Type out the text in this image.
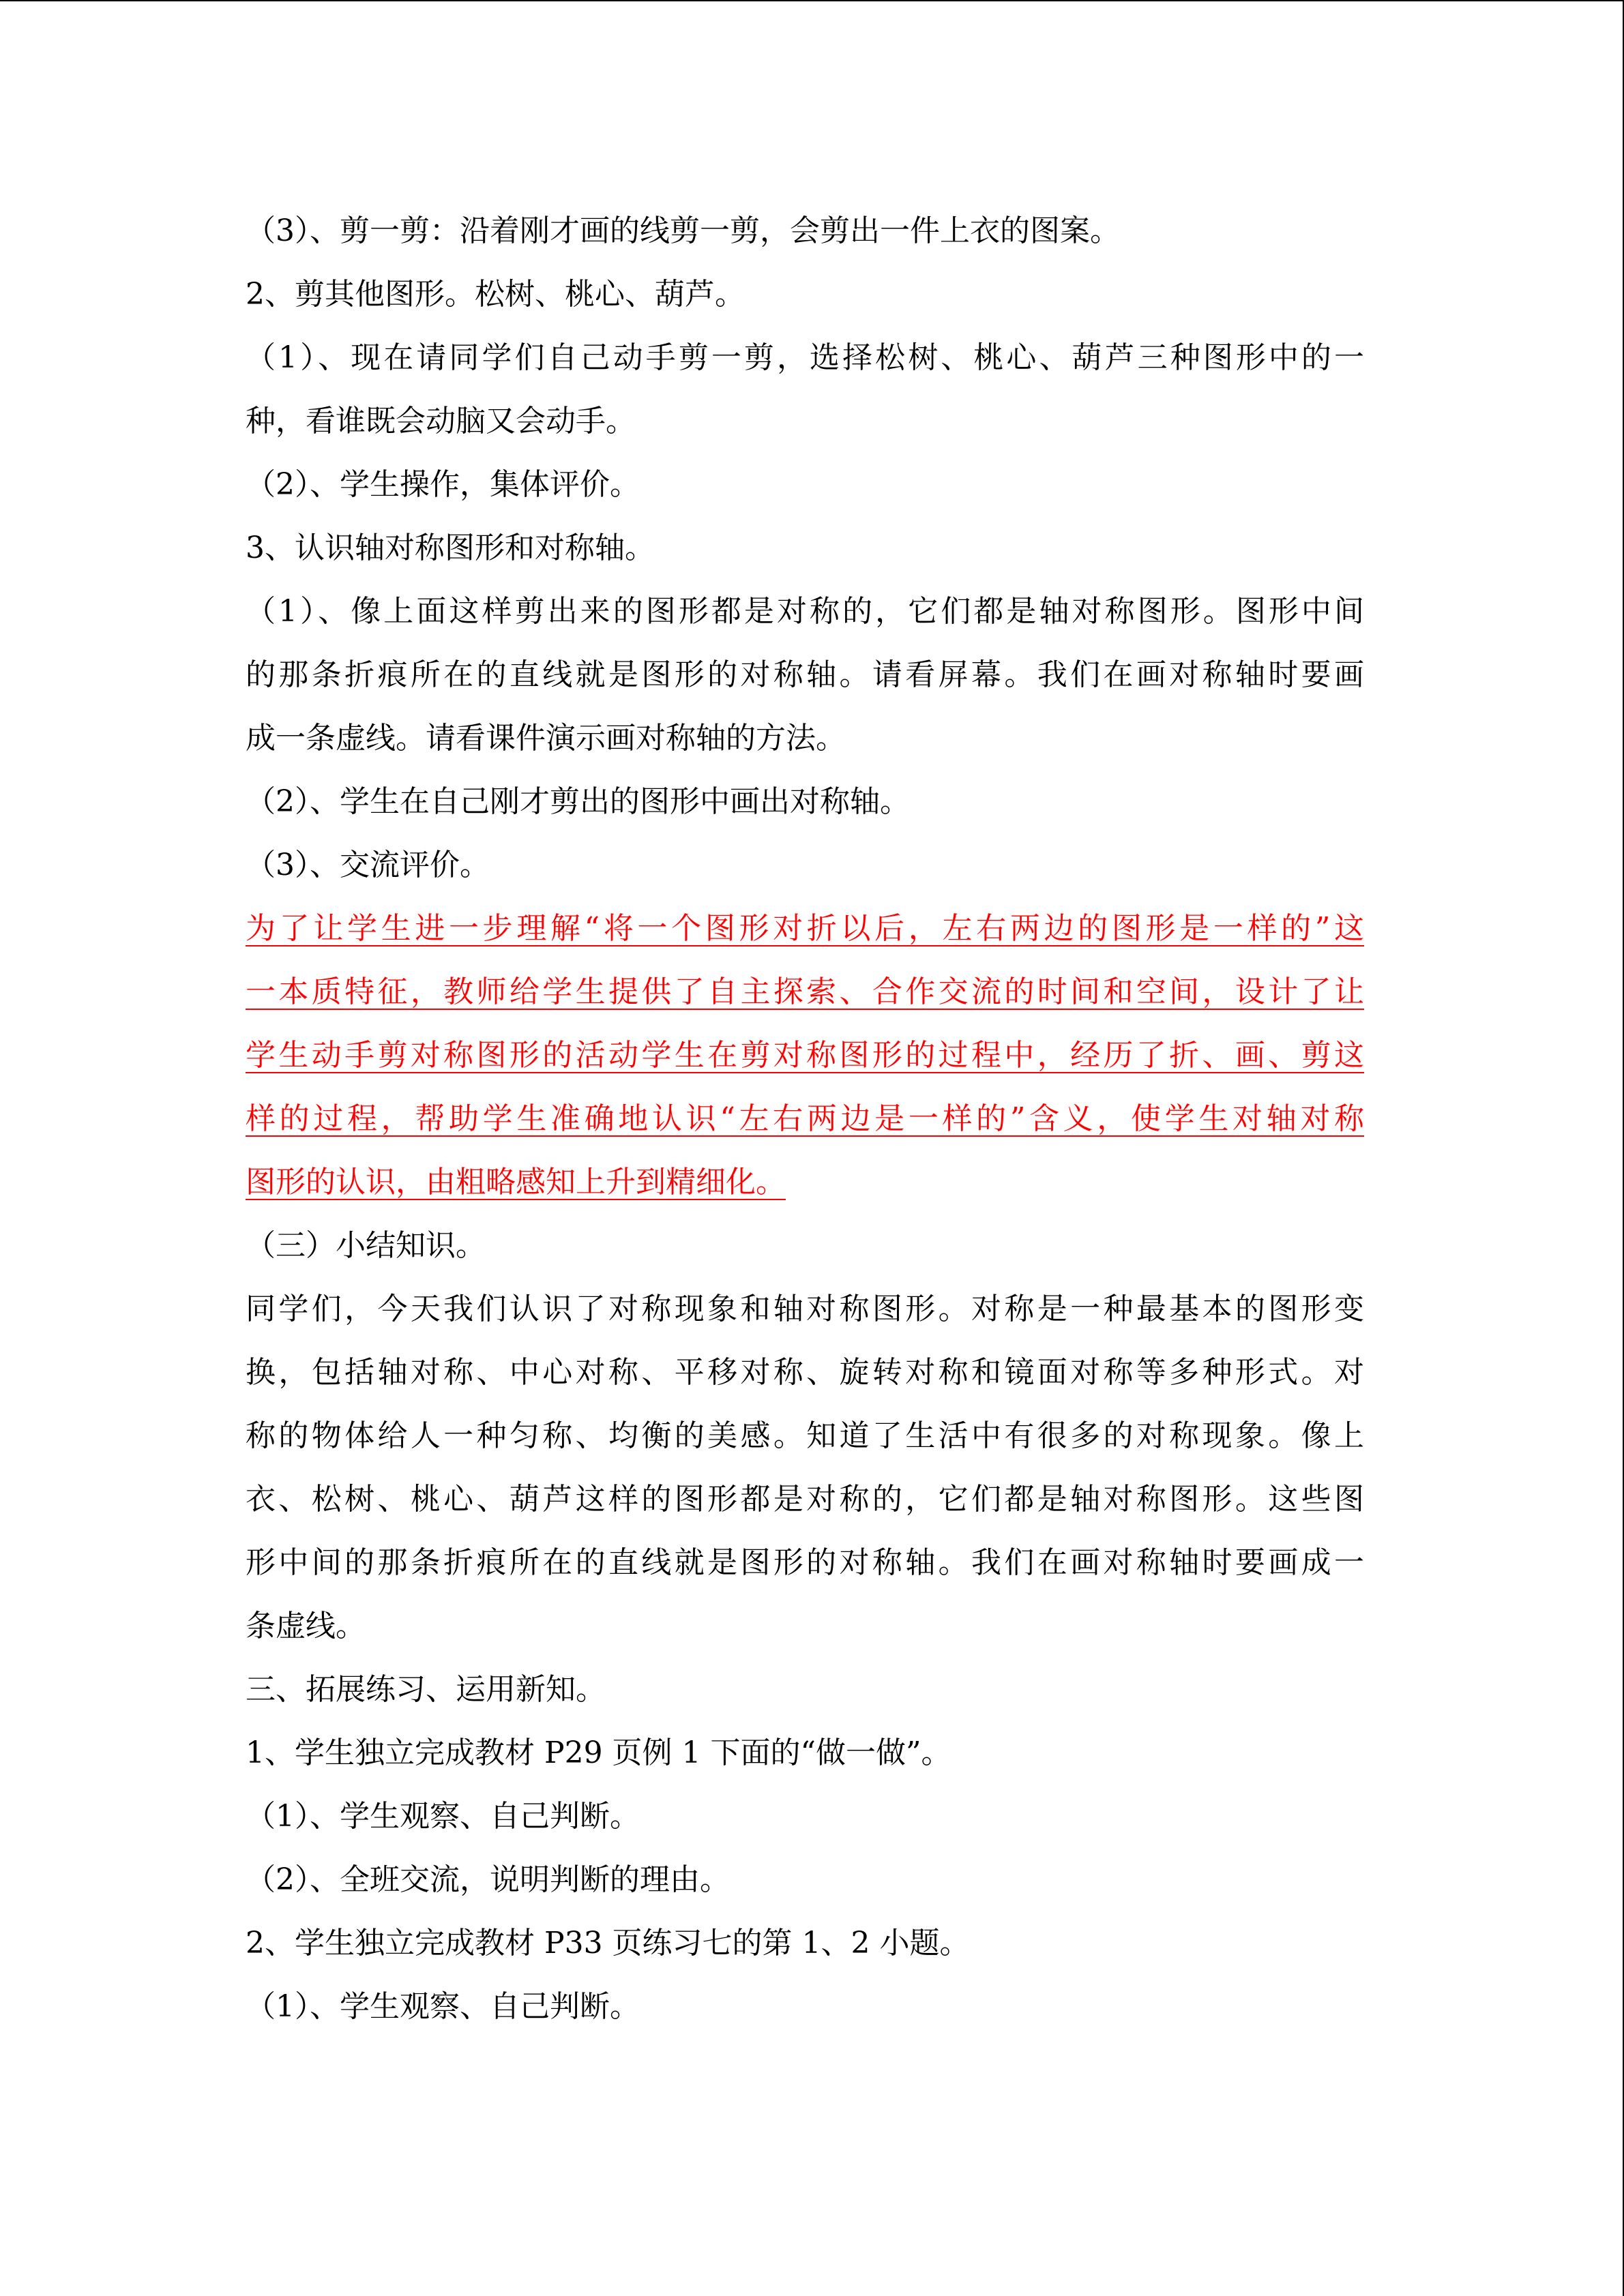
（3）、剪一剪：沿着刚才画的线剪一剪，会剪出一件上衣的图案。
2、剪其他图形。松树、桃心、葫芦。
（1）、现在请同学们自己动手剪一剪，选择松树、桃心、葫芦三种图形中的一
种，看谁既会动脑又会动手。
（2）、学生操作，集体评价。
3、认识轴对称图形和对称轴。
（1）、像上面这样剪出来的图形都是对称的，它们都是轴对称图形。图形中间
的那条折痕所在的直线就是图形的对称轴。请看屏幕。我们在画对称轴时要画
成一条虚线。请看课件演示画对称轴的方法。
（2）、学生在自己刚才剪出的图形中画出对称轴。
（3）、交流评价。
为了让学生进一步理解“将一个图形对折以后，左右两边的图形是一样的”这
一本质特征，教师给学生提供了自主探索、合作交流的时间和空间，设计了让
学生动手剪对称图形的活动学生在剪对称图形的过程中，经历了折、画、剪这
样的过程，帮助学生准确地认识“左右两边是一样的”含义，使学生对轴对称
图形的认识，由粗略感知上升到精细化。
（三）小结知识。
同学们，今天我们认识了对称现象和轴对称图形。对称是一种最基本的图形变
换，包括轴对称、中心对称、平移对称、旋转对称和镜面对称等多种形式。对
称的物体给人一种匀称、均衡的美感。知道了生活中有很多的对称现象。像上
衣、松树、桃心、葫芦这样的图形都是对称的，它们都是轴对称图形。这些图
形中间的那条折痕所在的直线就是图形的对称轴。我们在画对称轴时要画成一
条虚线。
三、拓展练习、运用新知。
1、学生独立完成教材 P29 页例 1 下面的“做一做”。
（1）、学生观察、自己判断。
（2）、全班交流，说明判断的理由。
2、学生独立完成教材 P33 页练习七的第 1、2 小题。
（1）、学生观察、自己判断。
